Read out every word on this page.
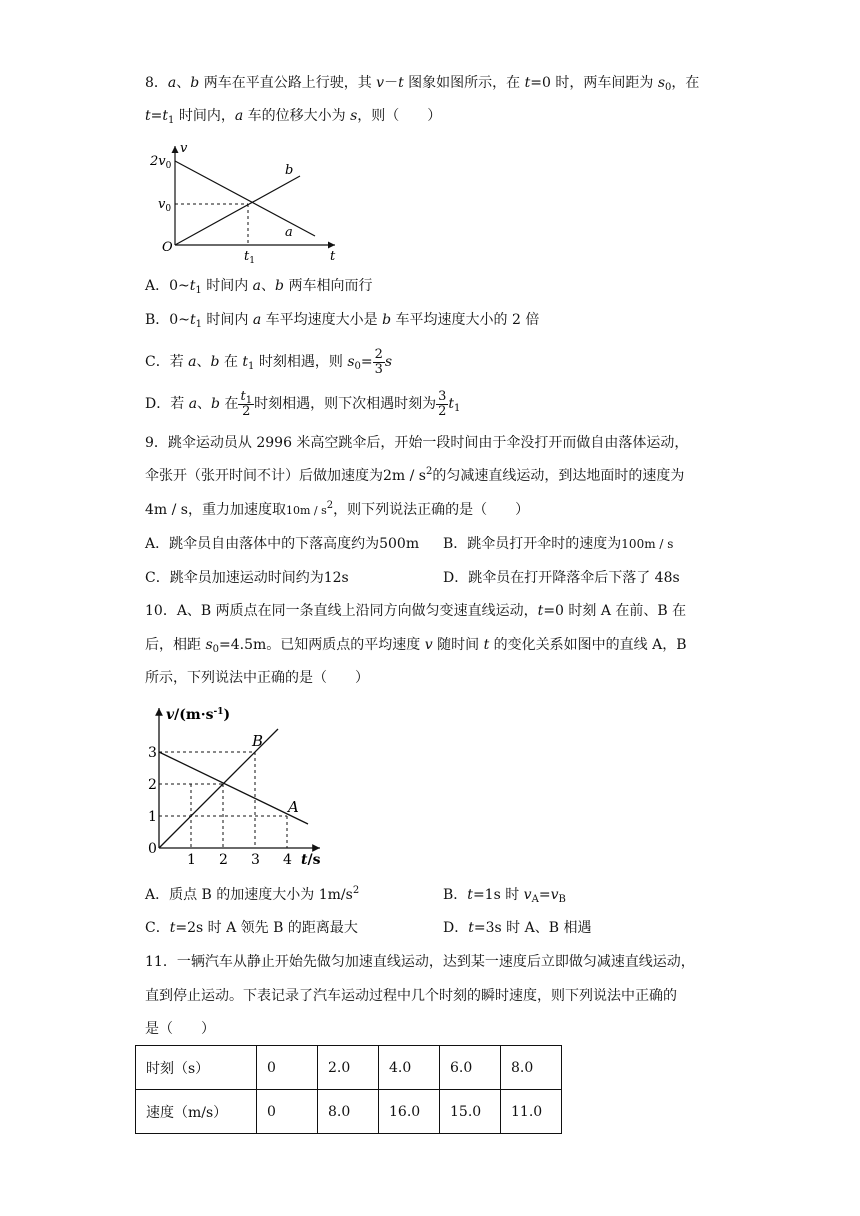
8．a、b 两车在平直公路上行驶，其 v－t 图象如图所示，在 t=0 时，两车间距为 $s_0$，在
$t=t_1$ 时间内，a 车的位移大小为 s，则（　　）
v
$2v_0$
$v_0$
O
t
$t_1$
a
b
A．$0\sim t_1$ 时间内 a、b 两车相向而行
B．$0\sim t_1$ 时间内 a 车平均速度大小是 b 车平均速度大小的 2 倍
C．若 a、b 在 $t_1$ 时刻相遇，则 $s_0= \frac{2}{3}$ s
D．若 a、b 在 $\frac{t_1}{2}$ 时刻相遇，则下次相遇时刻为 $\frac{3}{2} t_1$
9．跳伞运动员从 2996 米高空跳伞后，开始一段时间由于伞没打开而做自由落体运动，
伞张开（张开时间不计）后做加速度为$2m / s^2$的匀减速直线运动，到达地面时的速度为
4m / s，重力加速度取$10m / s^2$，则下列说法正确的是（　　）
A．跳伞员自由落体中的下落高度约为500m B．跳伞员打开伞时的速度为100m / s
C．跳伞员加速运动时间约为12s	D．跳伞员在打开降落伞后下落了 48s
10．A、B 两质点在同一条直线上沿同方向做匀变速直线运动，t=0 时刻 A 在前、B 在
后，相距 $s_0=4.5m$。已知两质点的平均速度 v 随时间 t 的变化关系如图中的直线 A，B
所示，下列说法中正确的是（　　）
$v/(m\cdot s^{-1})$
3
2
1
0
1 2 3 4 t/s
A
B
A．质点 B 的加速度大小为 $1m/s^2$	B．t=1s 时 $v_A=v_B$
C．t=2s 时 A 领先 B 的距离最大	D．t=3s 时 A、B 相遇
11．一辆汽车从静止开始先做匀加速直线运动，达到某一速度后立即做匀减速直线运动，
直到停止运动。下表记录了汽车运动过程中几个时刻的瞬时速度，则下列说法中正确的
是（　　）
时刻（s）	0	2.0	4.0	6.0	8.0
速度（m/s）	0	8.0	16.0	15.0	11.0
